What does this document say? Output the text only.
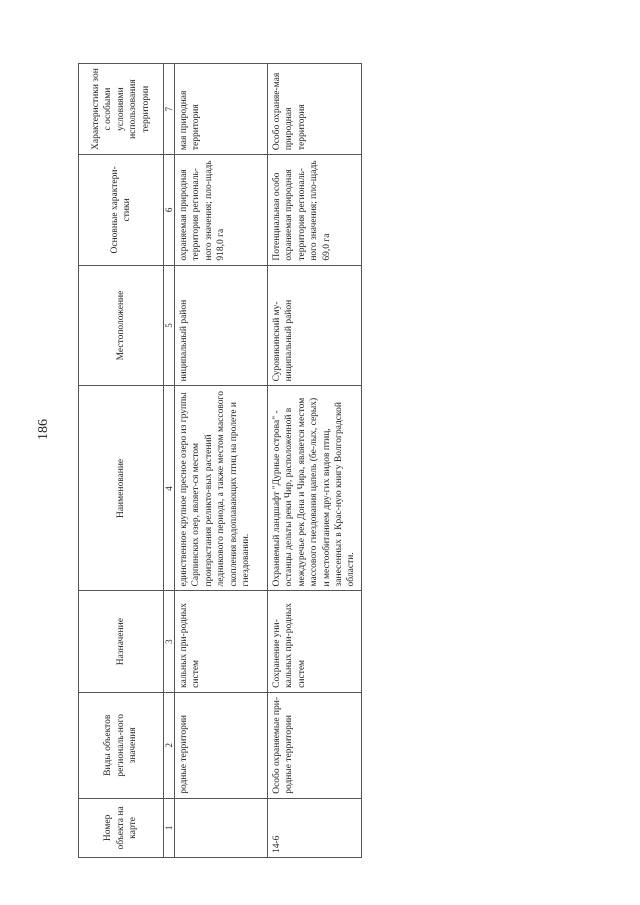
186
Номер объекта на карте	Виды объектов региональ-ного значения	Назначение	Наименование	Местоположение	Основные характери-стики	Характеристики зон с особыми условиями использования территории
1	2	3	4	5	6	7
	родные территории	кальных при-родных систем	единственное крупное пресное озеро из группы Сарпинских озер, являет-ся местом произрастания реликто-вых растений ледникового периода, а также местом массового скопления водоплавающих птиц на пролете и гнездовании.	ниципальный район	охраняемая природная территория региональ-ного значения; пло-щадь 918,0 га	мая природная территория
14-6	Особо охраняемые при-родные территории	Сохранение уни-кальных при-родных систем	Охраняемый ландшафт "Дурные острова" - останцы дельты реки Чир, расположенной в междуречье рек Дона и Чира, является местом массового гнездования цапель (бе-лых, серых) и местообитанием дру-гих видов птиц, занесенных в Крас-ную книгу Волгоградской области.	Суровикинский му-ниципальный район	Потенциальная особо охраняемая природная территория региональ-ного значения; пло-щадь 69,0 га	Особо охраняе-мая природная территория
